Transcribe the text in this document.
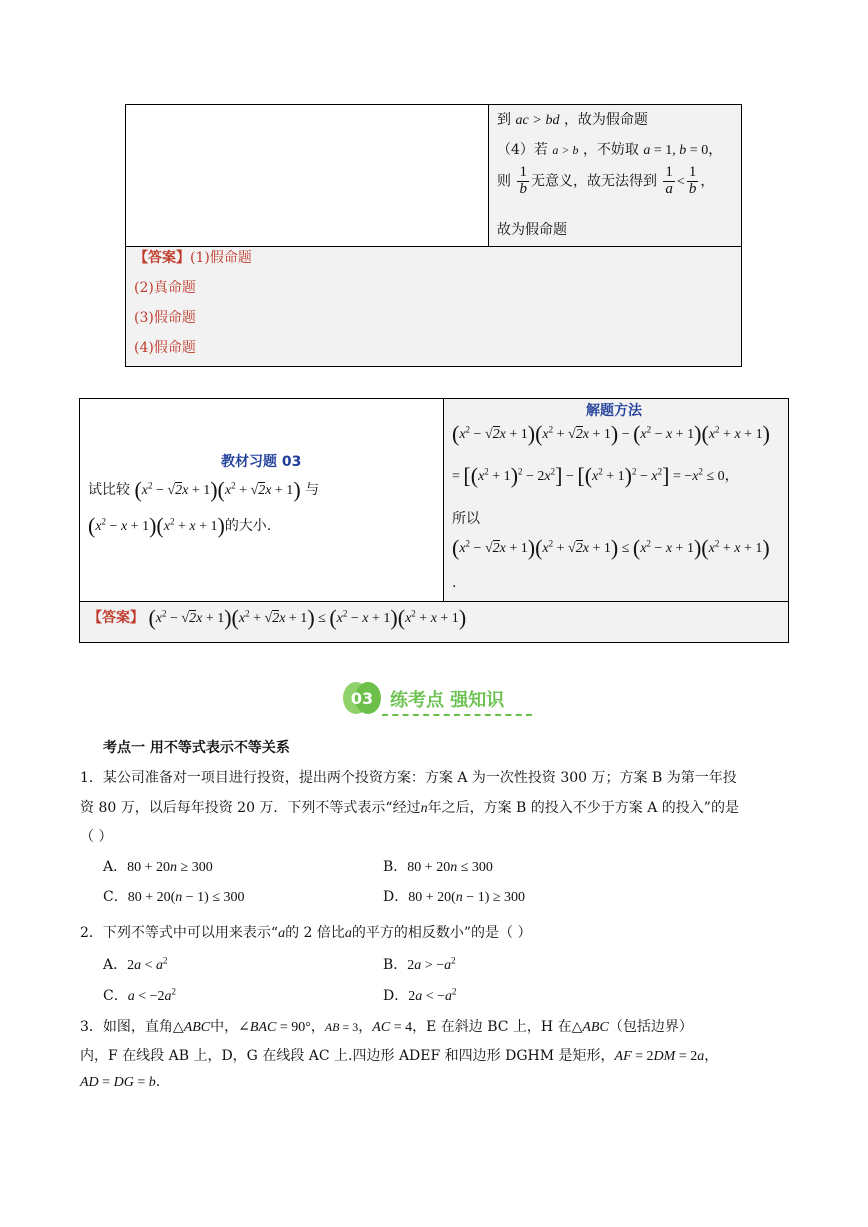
到 ac > bd ，故为假命题
（4）若 a > b ，不妨取 a = 1, b = 0，
则 $\frac{1}{b}$ 无意义，故无法得到 $\frac{1}{a} < \frac{1}{b}$ ，
故为假命题
【答案】(1)假命题
(2)真命题
(3)假命题
(4)假命题
教材习题 03
试比较 $(x^2 - √2x + 1)(x^2 + √2x + 1)$ 与
$(x^2 - x + 1)(x^2 + x + 1)$的大小.
解题方法
$(x^2 - √2x + 1)(x^2 + √2x + 1) - (x^2 - x + 1)(x^2 + x + 1)$
= $[(x^2 + 1)^2 - 2x^2] - [(x^2 + 1)^2 - x^2] = -x^2 \le 0$，
所以
$(x^2 - √2x + 1)(x^2 + √2x + 1) \le (x^2 - x + 1)(x^2 + x + 1)$
.
【答案】 $(x^2 - √2x + 1)(x^2 + √2x + 1) \le (x^2 - x + 1)(x^2 + x + 1)$
03 练考点 强知识
考点一 用不等式表示不等关系
1．某公司准备对一项目进行投资，提出两个投资方案：方案 A 为一次性投资 300 万；方案 B 为第一年投
资 80 万，以后每年投资 20 万．下列不等式表示“经过n年之后，方案 B 的投入不少于方案 A 的投入”的是
（ ）
A．80 + 20n ≥ 300	B．80 + 20n ≤ 300
C．80 + 20(n − 1) ≤ 300	D．80 + 20(n − 1) ≥ 300
2．下列不等式中可以用来表示“a的 2 倍比a的平方的相反数小”的是（ ）
A．$2a < a^2$	B．$2a > -a^2$
C．$a < -2a^2$	D．$2a < -a^2$
3．如图，直角△ABC中，∠BAC = 90°，AB = 3，AC = 4，E 在斜边 BC 上，H 在△ABC（包括边界）
内，F 在线段 AB 上，D，G 在线段 AC 上.四边形 ADEF 和四边形 DGHM 是矩形，AF = 2DM = 2a，
AD = DG = b.
